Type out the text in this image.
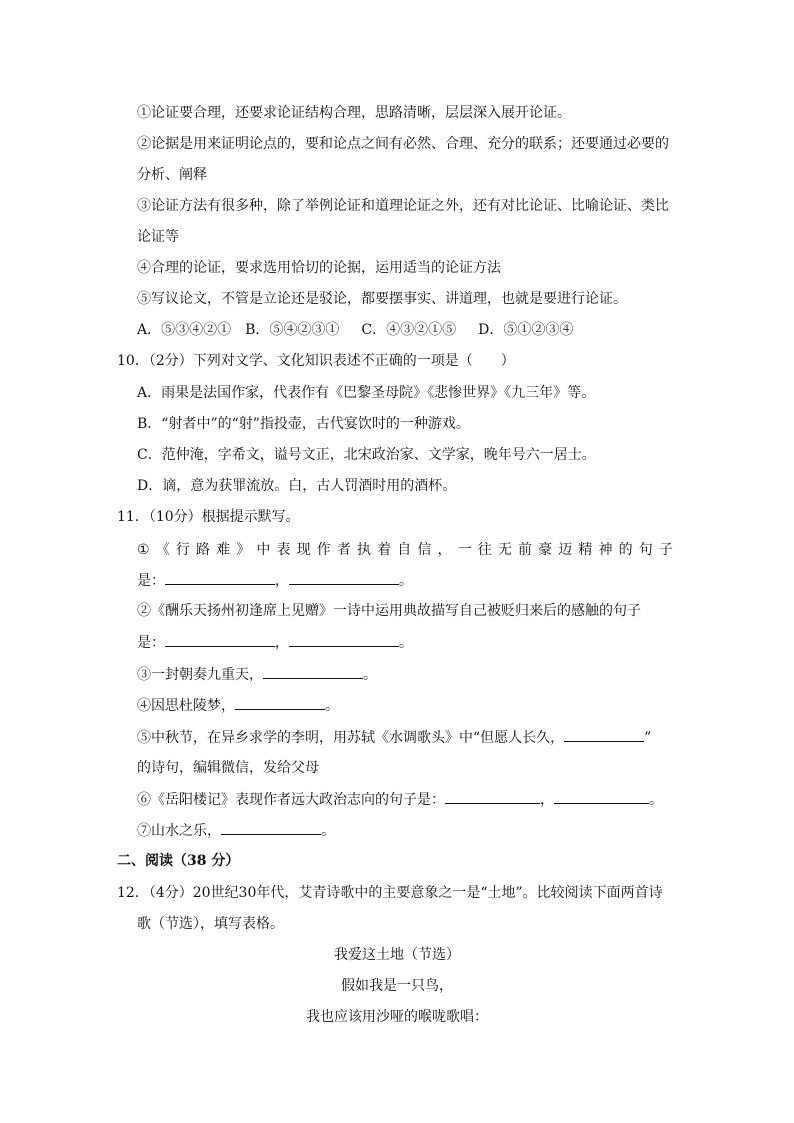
①论证要合理，还要求论证结构合理，思路清晰，层层深入展开论证。
②论据是用来证明论点的，要和论点之间有必然、合理、充分的联系；还要通过必要的
分析、阐释
③论证方法有很多种，除了举例论证和道理论证之外，还有对比论证、比喻论证、类比
论证等
④合理的论证，要求选用恰切的论据，运用适当的论证方法
⑤写议论文，不管是立论还是驳论，都要摆事实、讲道理，也就是要进行论证。
A．⑤③④②① B．⑤④②③① C．④③②①⑤ D．⑤①②③④
10．（2分）下列对文学、文化知识表述不正确的一项是（　　）
A．雨果是法国作家，代表作有《巴黎圣母院》《悲惨世界》《九三年》等。
B．“射者中”的“射”指投壶，古代宴饮时的一种游戏。
C．范仲淹，字希文，谥号文正，北宋政治家、文学家，晚年号六一居士。
D．谪，意为获罪流放。白，古人罚酒时用的酒杯。
11．（10分）根据提示默写。
① 《 行 路 难 》 中 表 现 作 者 执 着 自 信 ， 一 往 无 前 豪 迈 精 神 的 句 子
是：	，	。
②《酬乐天扬州初逢席上见赠》一诗中运用典故描写自己被贬归来后的感触的句子
是：	，	。
③一封朝奏九重天，	。
④因思杜陵梦，	。
⑤中秋节，在异乡求学的李明，用苏轼《水调歌头》中“但愿人长久，	”
的诗句，编辑微信，发给父母
⑥《岳阳楼记》表现作者远大政治志向的句子是：	，	。
⑦山水之乐，	。
二、阅读（38 分）
12．（4分）20世纪30年代，艾青诗歌中的主要意象之一是“土地”。比较阅读下面两首诗
歌（节选），填写表格。
我爱这土地（节选）
假如我是一只鸟，
我也应该用沙哑的喉咙歌唱：
